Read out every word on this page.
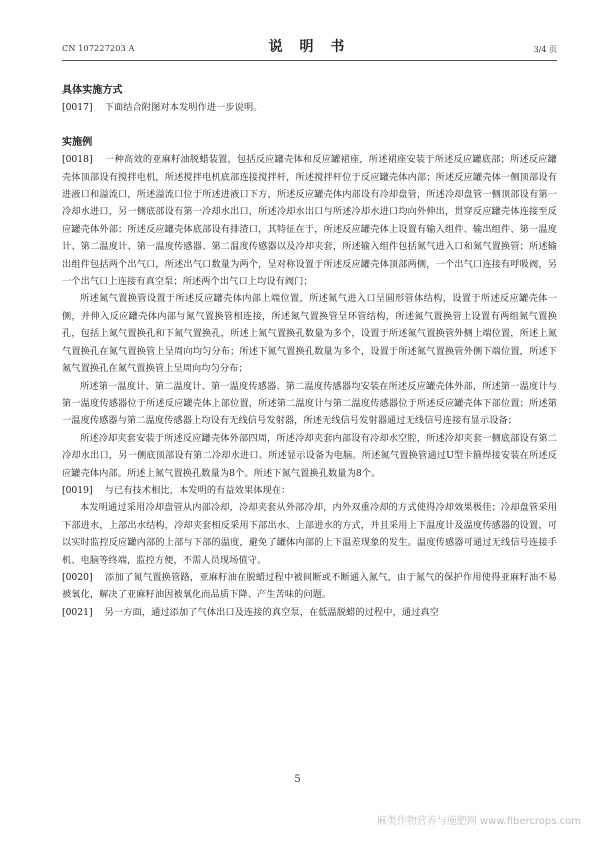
CN 107227203 A	说 明 书	3/4 页

具体实施方式

[0017] 下面结合附图对本发明作进一步说明。

实施例

[0018] 一种高效的亚麻籽油脱蜡装置，包括反应罐壳体和反应罐裙座，所述裙座安装于所述反应罐底部；所述反应罐壳体顶部设有搅拌电机，所述搅拌电机底部连接搅拌杆，所述搅拌杆位于反应罐壳体内部；所述反应罐壳体一侧顶部设有进液口和溢流口，所述溢流口位于所述进液口下方，所述反应罐壳体内部设有冷却盘管，所述冷却盘管一侧顶部设有第一冷却水进口，另一侧底部设有第一冷却水出口，所述冷却水出口与所述冷却水进口均向外伸出，贯穿反应罐壳体连接至反应罐壳体外部；所述反应罐壳体底部设有排渣口，其特征在于，所述反应罐壳体上设置有输入组件、输出组件、第一温度计、第二温度计、第一温度传感器、第二温度传感器以及冷却夹套，所述输入组件包括氮气进入口和氮气置换管；所述输出组件包括两个出气口，所述出气口数量为两个，呈对称设置于所述反应罐壳体顶部两侧，一个出气口连接有呼吸阀，另一个出气口上连接有真空泵；所述两个出气口上均设有阀门；

所述氮气置换管设置于所述反应罐壳体内部上端位置，所述氮气进入口呈圆形管体结构，设置于所述反应罐壳体一侧，并伸入反应罐壳体内部与氮气置换管相连接，所述氮气置换管呈环管结构，所述氮气置换管上设置有两组氮气置换孔，包括上氮气置换孔和下氮气置换孔，所述上氮气置换孔数量为多个，设置于所述氮气置换管外侧上端位置，所述上氮气置换孔在氮气置换管上呈周向均匀分布；所述下氮气置换孔数量为多个，设置于所述氮气置换管外侧下端位置，所述下氮气置换孔在氮气置换管上呈周向均匀分布；

所述第一温度计、第二温度计、第一温度传感器、第二温度传感器均安装在所述反应罐壳体外部，所述第一温度计与第一温度传感器位于所述反应罐壳体上部位置，所述第二温度计与第二温度传感器位于所述反应罐壳体下部位置；所述第一温度传感器与第二温度传感器上均设有无线信号发射器，所述无线信号发射器通过无线信号连接有显示设备；

所述冷却夹套安装于所述反应罐壳体外部四周，所述冷却夹套内部设有冷却水空腔，所述冷却夹套一侧底部设有第二冷却水出口，另一侧底顶部设有第二冷却水进口。所述显示设备为电脑。所述氮气置换管通过U型卡箍焊接安装在所述反应罐壳体内部。所述上氮气置换孔数量为8个。所述下氮气置换孔数量为8个。

[0019] 与已有技术相比，本发明的有益效果体现在：

本发明通过采用冷却盘管从内部冷却，冷却夹套从外部冷却，内外双重冷却的方式使得冷却效果极佳；冷却盘管采用下部进水，上部出水结构，冷却夹套相反采用下部出水、上部进水的方式，并且采用上下温度计及温度传感器的设置，可以实时监控反应罐内部的上部与下部的温度，避免了罐体内部的上下温差现象的发生。温度传感器可通过无线信号连接手机、电脑等终端，监控方便，不需人员现场值守。

[0020] 添加了氮气置换管路，亚麻籽油在脱蜡过程中被间断或不断通入氮气，由于氮气的保护作用使得亚麻籽油不易被氧化，解决了亚麻籽油因被氧化而品质下降、产生苦味的问题。

[0021] 另一方面，通过添加了气体出口及连接的真空泵，在低温脱蜡的过程中，通过真空

5
麻类作物营养与施肥网 www.fibercrops.com
